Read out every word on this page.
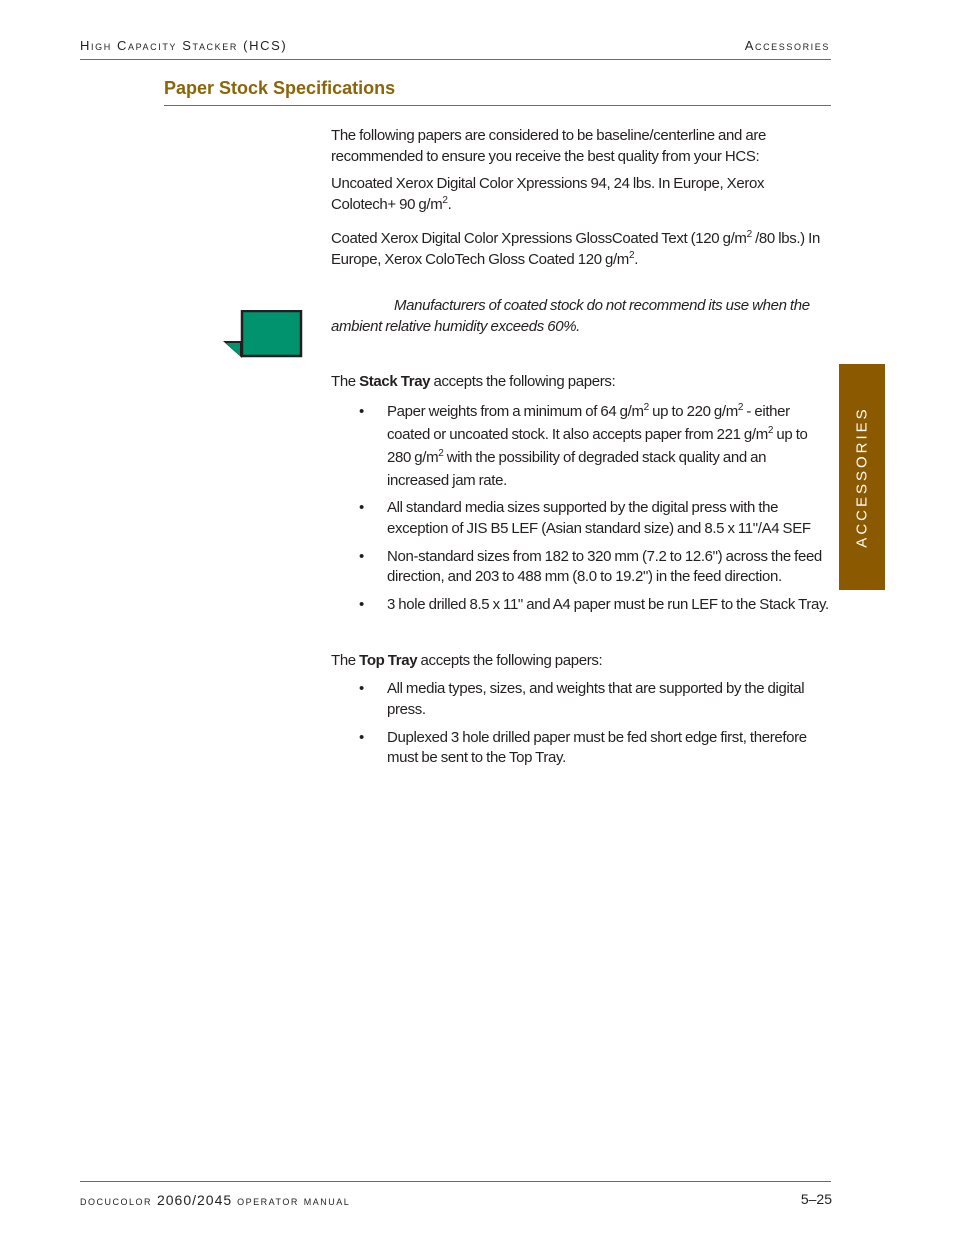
High Capacity Stacker (HCS)	Accessories
Paper Stock Specifications
The following papers are considered to be baseline/centerline and are recommended to ensure you receive the best quality from your HCS:
Uncoated Xerox Digital Color Xpressions 94, 24 lbs. In Europe, Xerox Colotech+ 90 $g/m^2$.
Coated Xerox Digital Color Xpressions GlossCoated Text (120 $g/m^2$ /80 lbs.) In Europe, Xerox ColoTech Gloss Coated 120 $g/m^2$.
Manufacturers of coated stock do not recommend its use when the ambient relative humidity exceeds 60%.
The Stack Tray accepts the following papers:
• Paper weights from a minimum of 64 $g/m^2$ up to 220 $g/m^2$ - either coated or uncoated stock. It also accepts paper from 221 $g/m^2$ up to 280 $g/m^2$ with the possibility of degraded stack quality and an increased jam rate.
• All standard media sizes supported by the digital press with the exception of JIS B5 LEF (Asian standard size) and 8.5 x 11"/A4 SEF
• Non-standard sizes from 182 to 320 mm (7.2 to 12.6") across the feed direction, and 203 to 488 mm (8.0 to 19.2") in the feed direction.
• 3 hole drilled 8.5 x 11" and A4 paper must be run LEF to the Stack Tray.
The Top Tray accepts the following papers:
• All media types, sizes, and weights that are supported by the digital press.
• Duplexed 3 hole drilled paper must be fed short edge first, therefore must be sent to the Top Tray.
ACCESSORIES
docucolor 2060/2045 operator manual	5–25
